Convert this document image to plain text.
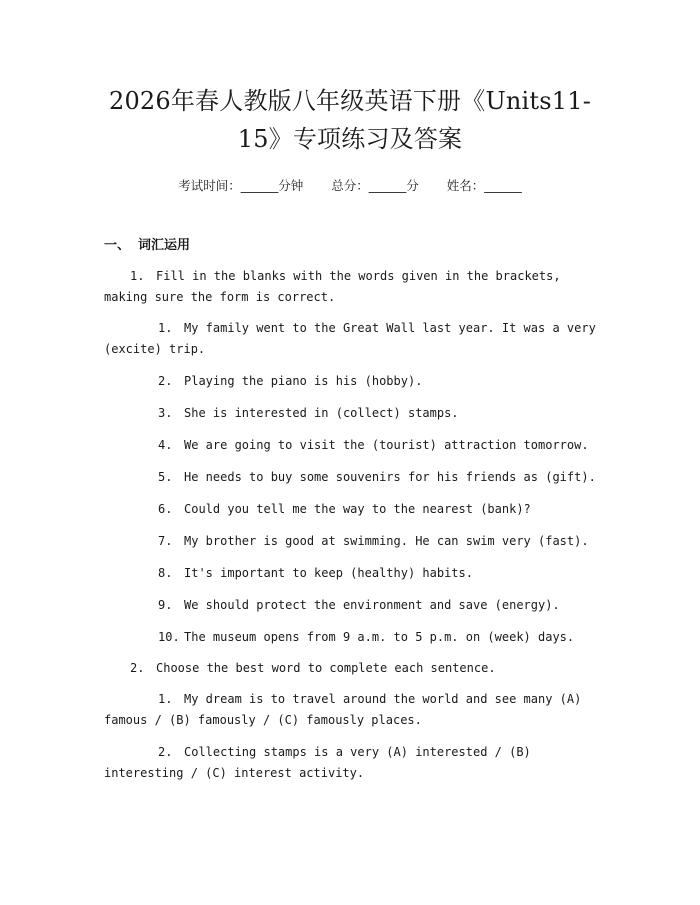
2026年春人教版八年级英语下册《Units11-
15》专项练习及答案
考试时间：______分钟 总分：______分 姓名：______
一、 词汇运用

1. Fill in the blanks with the words given in the brackets, making sure the form is correct.

1. My family went to the Great Wall last year. It was a very (excite) trip.

2. Playing the piano is his (hobby).

3. She is interested in (collect) stamps.

4. We are going to visit the (tourist) attraction tomorrow.

5. He needs to buy some souvenirs for his friends as (gift).

6. Could you tell me the way to the nearest (bank)?

7. My brother is good at swimming. He can swim very (fast).

8. It's important to keep (healthy) habits.

9. We should protect the environment and save (energy).

10. The museum opens from 9 a.m. to 5 p.m. on (week) days.

2. Choose the best word to complete each sentence.

1. My dream is to travel around the world and see many (A) famous / (B) famously / (C) famously places.

2. Collecting stamps is a very (A) interested / (B) interesting / (C) interest activity.
